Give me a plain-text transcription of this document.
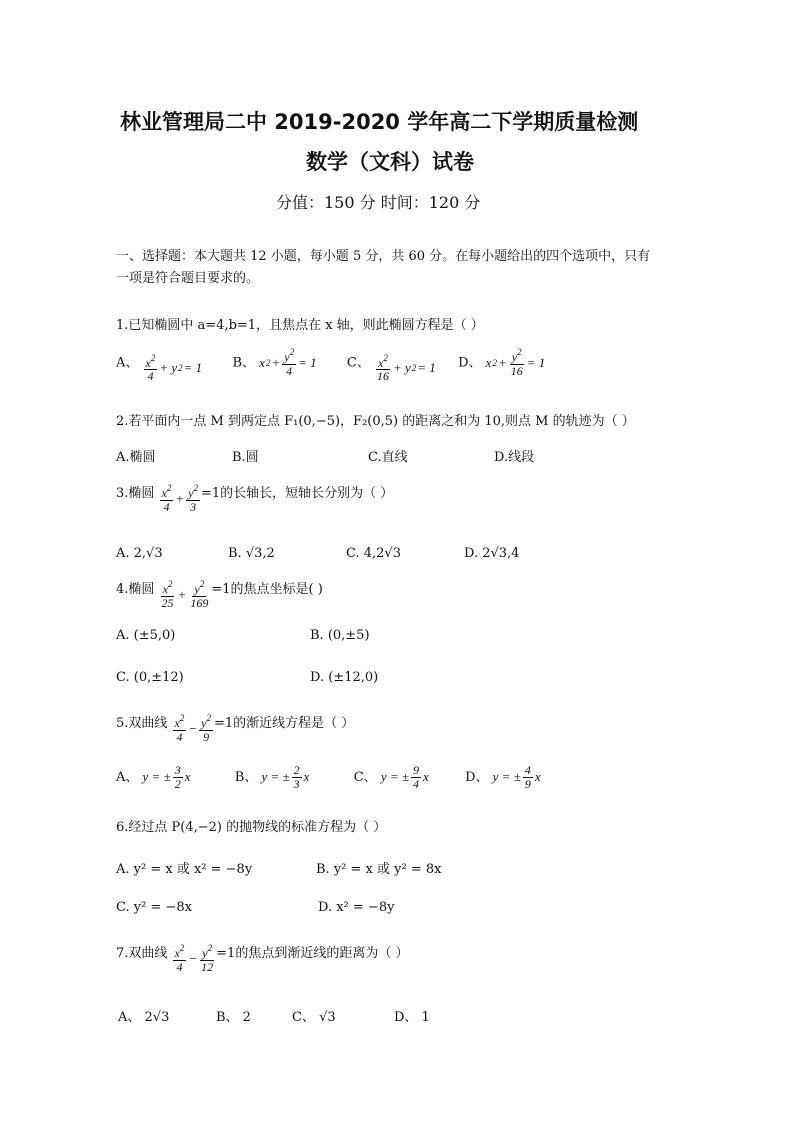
林业管理局二中 2019-2020 学年高二下学期质量检测
数学（文科）试卷
分值：150 分 时间：120 分
一、选择题：本大题共 12 小题，每小题 5 分，共 60 分。在每小题给出的四个选项中，只有
一项是符合题目要求的。
1.已知椭圆中 a=4,b=1，且焦点在 x 轴，则此椭圆方程是（ ）
A、 $\frac{x^2}{4} + y$ 2 = 1 B、 x $2 + \frac{y^2}{4} = 1$ C、 $\frac{x^2}{16} + y$ 2 = 1 D、 x $2 + \frac{y^2}{16} = 1$
2.若平面内一点 M 到两定点 F₁(0,−5)，F₂(0,5) 的距离之和为 10,则点 M 的轨迹为（ ）
A.椭圆	B.圆	C.直线	D.线段
3.椭圆 $\frac{x^2}{4} + \frac{y^2}{3} =1$的长轴长，短轴长分别为（ ）
A. 2,√3	B. √3,2	C. 4,2√3	D. 2√3,4
4.椭圆 $\frac{x^2}{25} + \frac{y^2}{169} =1$的焦点坐标是( )
A. (±5,0)	B. (0,±5)
C. (0,±12)	D. (±12,0)
5.双曲线 $\frac{x^2}{4} - \frac{y^2}{9} =1$的渐近线方程是（ ）
A、 y = ± $\frac{3}{2}$ x	B、 y = ± $\frac{2}{3}$ x	C、 y = ± $\frac{9}{4}$ x	D、 y = ± $\frac{4}{9}$ x
6.经过点 P(4,−2) 的抛物线的标准方程为（ ）
A. y² = x 或 x² = −8y	B. y² = x 或 y² = 8x
C. y² = −8x	D. x² = −8y
7.双曲线 $\frac{x^2}{4} - \frac{y^2}{12} =1$的焦点到渐近线的距离为（ ）
A、 2√3	B、 2	C、 √3	D、 1
